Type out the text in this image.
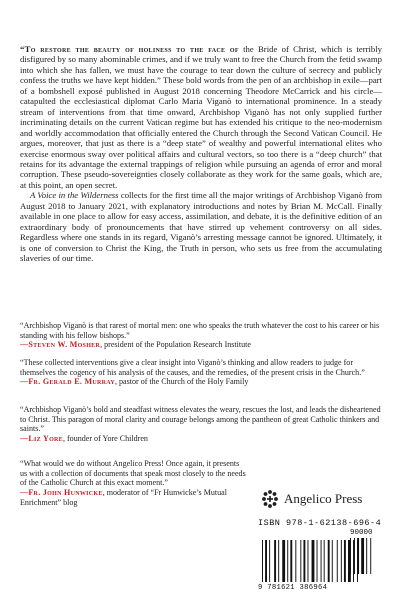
“To restore the beauty of holiness to the face of the Bride of Christ, which is terribly disfigured by so many abominable crimes, and if we truly want to free the Church from the fetid swamp into which she has fallen, we must have the courage to tear down the culture of secrecy and publicly confess the truths we have kept hidden.” These bold words from the pen of an archbishop in exile—part of a bombshell exposé published in August 2018 concerning Theodore McCarrick and his circle—catapulted the ecclesiastical diplomat Carlo Maria Viganò to international prominence. In a steady stream of interventions from that time onward, Archbishop Viganò has not only supplied further incriminating details on the current Vatican regime but has extended his critique to the neo-modernism and worldly accommodation that officially entered the Church through the Second Vatican Council. He argues, moreover, that just as there is a “deep state” of wealthy and powerful international elites who exercise enormous sway over political affairs and cultural vectors, so too there is a “deep church” that retains for its advantage the external trappings of religion while pursuing an agenda of error and moral corruption. These pseudo-sovereignties closely collaborate as they work for the same goals, which are, at this point, an open secret.

A Voice in the Wilderness collects for the first time all the major writings of Archbishop Viganò from August 2018 to January 2021, with explanatory introductions and notes by Brian M. McCall. Finally available in one place to allow for easy access, assimilation, and debate, it is the definitive edition of an extraordinary body of pronouncements that have stirred up vehement controversy on all sides. Regardless where one stands in its regard, Viganò’s arresting message cannot be ignored. Ultimately, it is one of conversion to Christ the King, the Truth in person, who sets us free from the accumulating slaveries of our time.

“Archbishop Viganò is that rarest of mortal men: one who speaks the truth whatever the cost to his career or his standing with his fellow bishops.”

—Steven W. Mosher, president of the Population Research Institute

“These collected interventions give a clear insight into Viganò’s thinking and allow readers to judge for themselves the cogency of his analysis of the causes, and the remedies, of the present crisis in the Church.”

—Fr. Gerald E. Murray, pastor of the Church of the Holy Family

“Archbishop Viganò’s bold and steadfast witness elevates the weary, rescues the lost, and leads the disheartened to Christ. This paragon of moral clarity and courage belongs among the pantheon of great Catholic thinkers and saints.”

—Liz Yore, founder of Yore Children

“What would we do without Angelico Press! Once again, it presents us with a collection of documents that speak most closely to the needs of the Catholic Church at this exact moment.”

—Fr. John Hunwicke, moderator of “Fr Hunwicke’s Mutual Enrichment” blog	Angelico Press
ISBN 978-1-62138-696-4
90000
9 781621 386964
